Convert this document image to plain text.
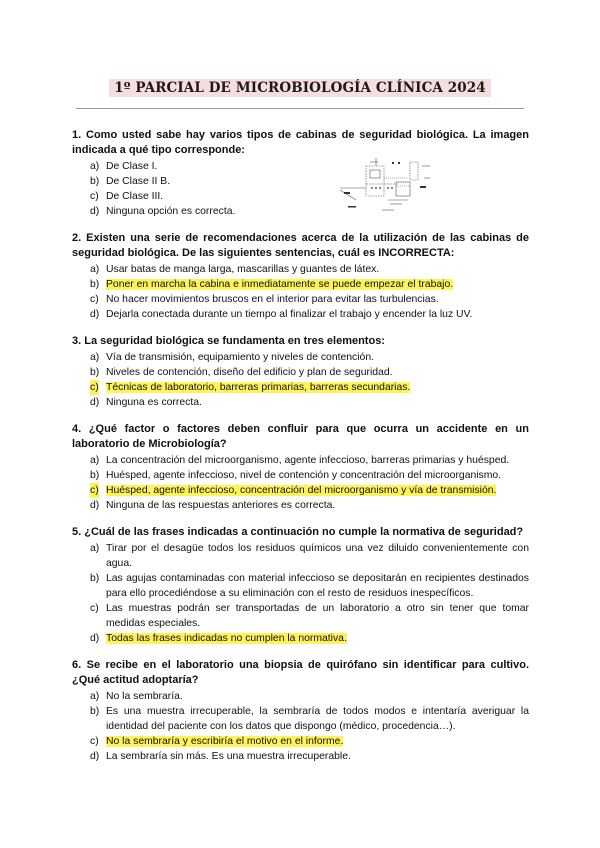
1º PARCIAL DE MICROBIOLOGÍA CLÍNICA 2024

1. Como usted sabe hay varios tipos de cabinas de seguridad biológica. La imagen indicada a qué tipo corresponde:

a) De Clase I.
b) De Clase II B.
c) De Clase III.
d) Ninguna opción es correcta.

2. Existen una serie de recomendaciones acerca de la utilización de las cabinas de seguridad biológica. De las siguientes sentencias, cuál es INCORRECTA:

a) Usar batas de manga larga, mascarillas y guantes de látex.
b) Poner en marcha la cabina e inmediatamente se puede empezar el trabajo.
c) No hacer movimientos bruscos en el interior para evitar las turbulencias.
d) Dejarla conectada durante un tiempo al finalizar el trabajo y encender la luz UV.

3. La seguridad biológica se fundamenta en tres elementos:

a) Vía de transmisión, equipamiento y niveles de contención.
b) Niveles de contención, diseño del edificio y plan de seguridad.
c) Técnicas de laboratorio, barreras primarias, barreras secundarias.
d) Ninguna es correcta.

4. ¿Qué factor o factores deben confluir para que ocurra un accidente en un laboratorio de Microbiología?

a) La concentración del microorganismo, agente infeccioso, barreras primarias y huésped.
b) Huésped, agente infeccioso, nivel de contención y concentración del microorganismo.
c) Huésped, agente infeccioso, concentración del microorganismo y vía de transmisión.
d) Ninguna de las respuestas anteriores es correcta.

5. ¿Cuál de las frases indicadas a continuación no cumple la normativa de seguridad?

a) Tirar por el desagüe todos los residuos químicos una vez diluido convenientemente con agua.
b) Las agujas contaminadas con material infeccioso se depositarán en recipientes destinados para ello procediéndose a su eliminación con el resto de residuos inespecíficos.
c) Las muestras podrán ser transportadas de un laboratorio a otro sin tener que tomar medidas especiales.
d) Todas las frases indicadas no cumplen la normativa.

6. Se recibe en el laboratorio una biopsia de quirófano sin identificar para cultivo. ¿Qué actitud adoptaría?

a) No la sembraría.
b) Es una muestra irrecuperable, la sembraría de todos modos e intentaría averiguar la identidad del paciente con los datos que dispongo (médico, procedencia…).
c) No la sembraría y escribiría el motivo en el informe.
d) La sembraría sin más. Es una muestra irrecuperable.
